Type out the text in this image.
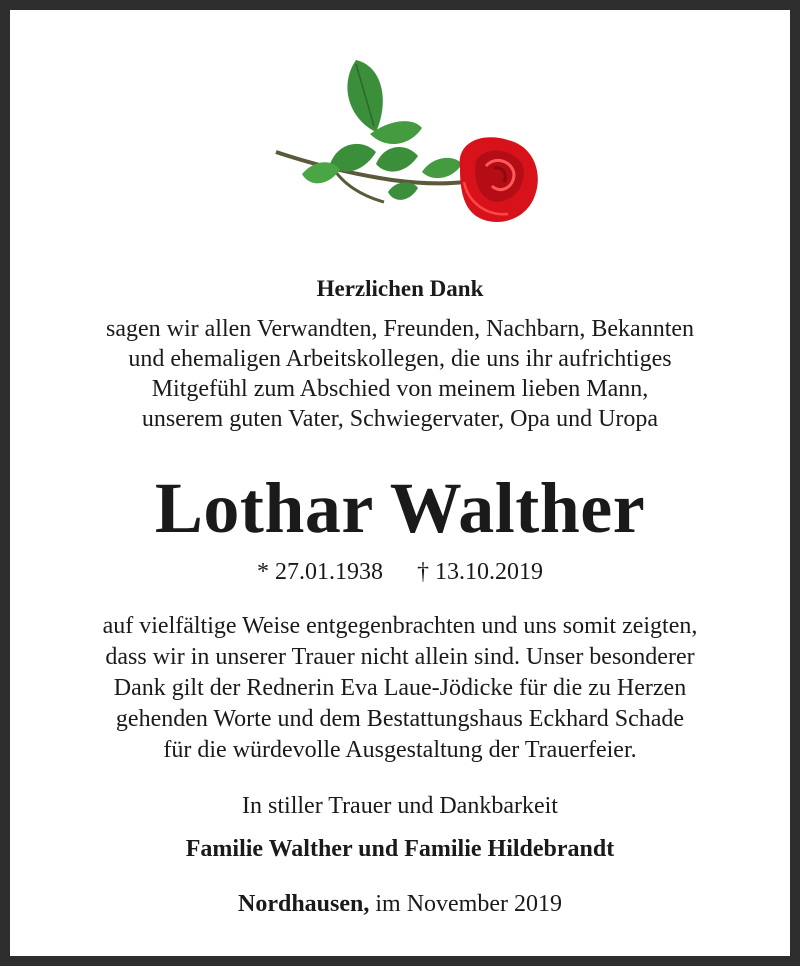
Herzlichen Dank
sagen wir allen Verwandten, Freunden, Nachbarn, Bekannten
und ehemaligen Arbeitskollegen, die uns ihr aufrichtiges
Mitgefühl zum Abschied von meinem lieben Mann,
unserem guten Vater, Schwiegervater, Opa und Uropa
Lothar Walther
* 27.01.1938 † 13.10.2019
auf vielfältige Weise entgegenbrachten und uns somit zeigten,
dass wir in unserer Trauer nicht allein sind. Unser besonderer
Dank gilt der Rednerin Eva Laue-Jödicke für die zu Herzen
gehenden Worte und dem Bestattungshaus Eckhard Schade
für die würdevolle Ausgestaltung der Trauerfeier.
In stiller Trauer und Dankbarkeit
Familie Walther und Familie Hildebrandt
Nordhausen, im November 2019
